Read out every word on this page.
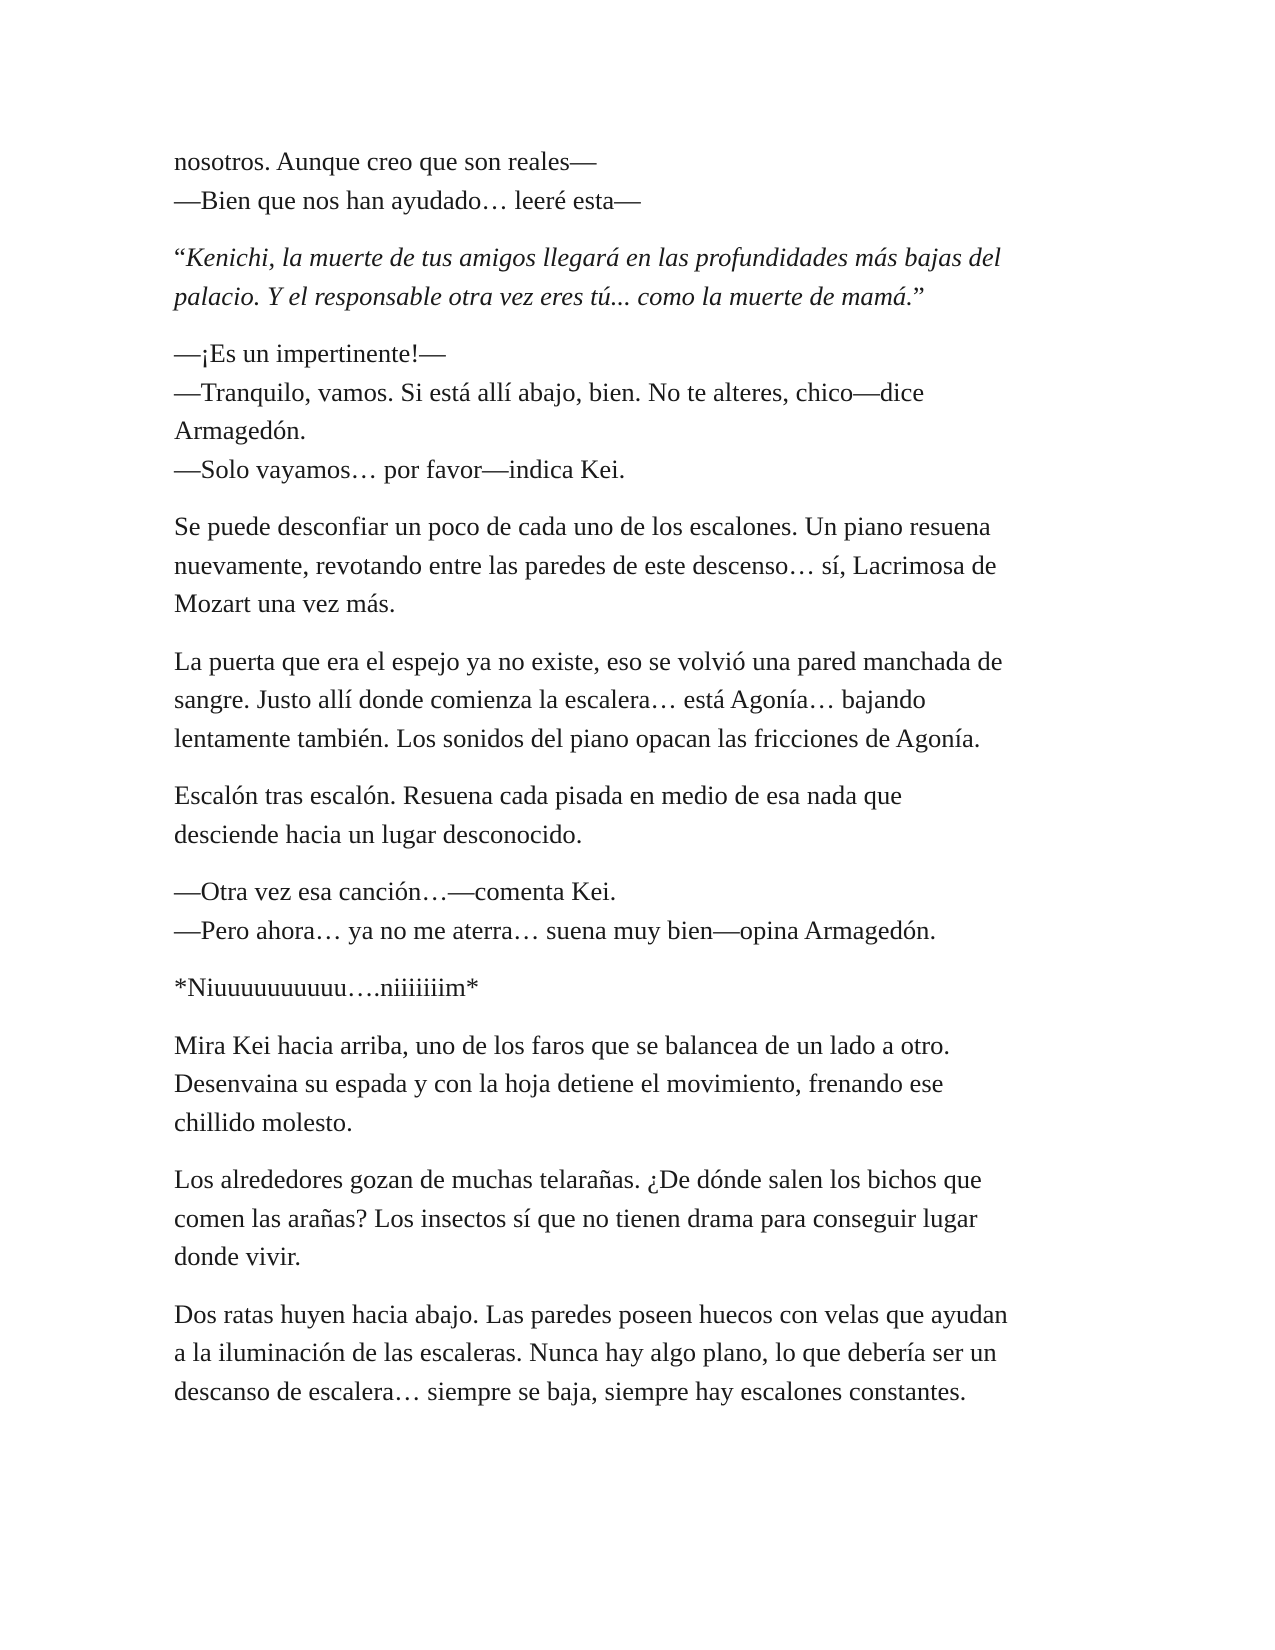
nosotros. Aunque creo que son reales—
—Bien que nos han ayudado… leeré esta—

“Kenichi, la muerte de tus amigos llegará en las profundidades más bajas del
palacio. Y el responsable otra vez eres tú... como la muerte de mamá.”

—¡Es un impertinente!—
—Tranquilo, vamos. Si está allí abajo, bien. No te alteres, chico—dice
Armagedón.
—Solo vayamos… por favor—indica Kei.

Se puede desconfiar un poco de cada uno de los escalones. Un piano resuena
nuevamente, revotando entre las paredes de este descenso… sí, Lacrimosa de
Mozart una vez más.

La puerta que era el espejo ya no existe, eso se volvió una pared manchada de
sangre. Justo allí donde comienza la escalera… está Agonía… bajando
lentamente también. Los sonidos del piano opacan las fricciones de Agonía.

Escalón tras escalón. Resuena cada pisada en medio de esa nada que
desciende hacia un lugar desconocido.

—Otra vez esa canción…—comenta Kei.
—Pero ahora… ya no me aterra… suena muy bien—opina Armagedón.

*Niuuuuuuuuuu….niiiiiiim*

Mira Kei hacia arriba, uno de los faros que se balancea de un lado a otro.
Desenvaina su espada y con la hoja detiene el movimiento, frenando ese
chillido molesto.

Los alrededores gozan de muchas telarañas. ¿De dónde salen los bichos que
comen las arañas? Los insectos sí que no tienen drama para conseguir lugar
donde vivir.

Dos ratas huyen hacia abajo. Las paredes poseen huecos con velas que ayudan
a la iluminación de las escaleras. Nunca hay algo plano, lo que debería ser un
descanso de escalera… siempre se baja, siempre hay escalones constantes.
